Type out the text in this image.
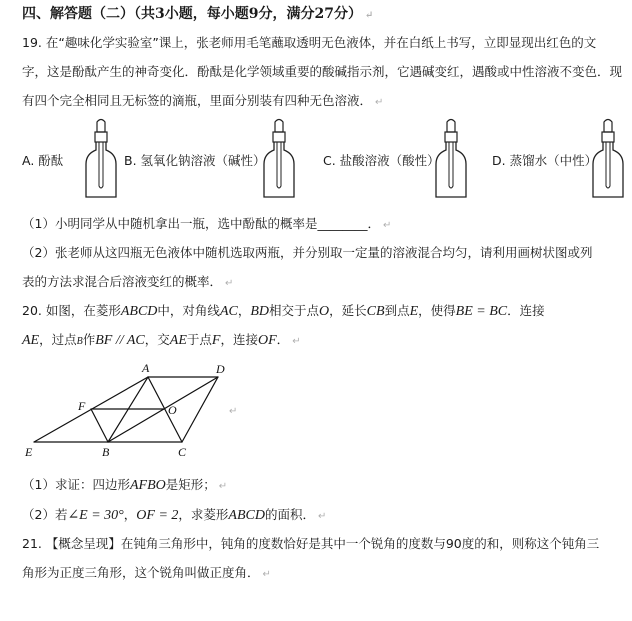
四、解答题（二）（共3小题，每小题9分，满分27分） ↵
19. 在“趣味化学实验室”课上，张老师用毛笔蘸取透明无色液体，并在白纸上书写，立即显现出红色的文
字，这是酚酞产生的神奇变化．酚酞是化学领域重要的酸碱指示剂，它遇碱变红，遇酸或中性溶液不变色．现
有四个完全相同且无标签的滴瓶，里面分别装有四种无色溶液． ↵
A. 酚酞	B. 氢氧化钠溶液（碱性）	C. 盐酸溶液（酸性）	D. 蒸馏水（中性）
（1）小明同学从中随机拿出一瓶，选中酚酞的概率是________． ↵
（2）张老师从这四瓶无色液体中随机选取两瓶，并分别取一定量的溶液混合均匀，请利用画树状图或列
表的方法求混合后溶液变红的概率． ↵
20. 如图，在菱形ABCD中，对角线AC，BD相交于点O，延长CB到点E，使得BE = BC．连接
AE，过点B作BF // AC，交AE于点F，连接OF． ↵
A	D
F	O
E	B	C
↵
（1）求证：四边形AFBO是矩形； ↵
（2）若∠E = 30°，OF = 2，求菱形ABCD的面积． ↵
21. 【概念呈现】在钝角三角形中，钝角的度数恰好是其中一个锐角的度数与90度的和，则称这个钝角三
角形为正度三角形，这个锐角叫做正度角． ↵
